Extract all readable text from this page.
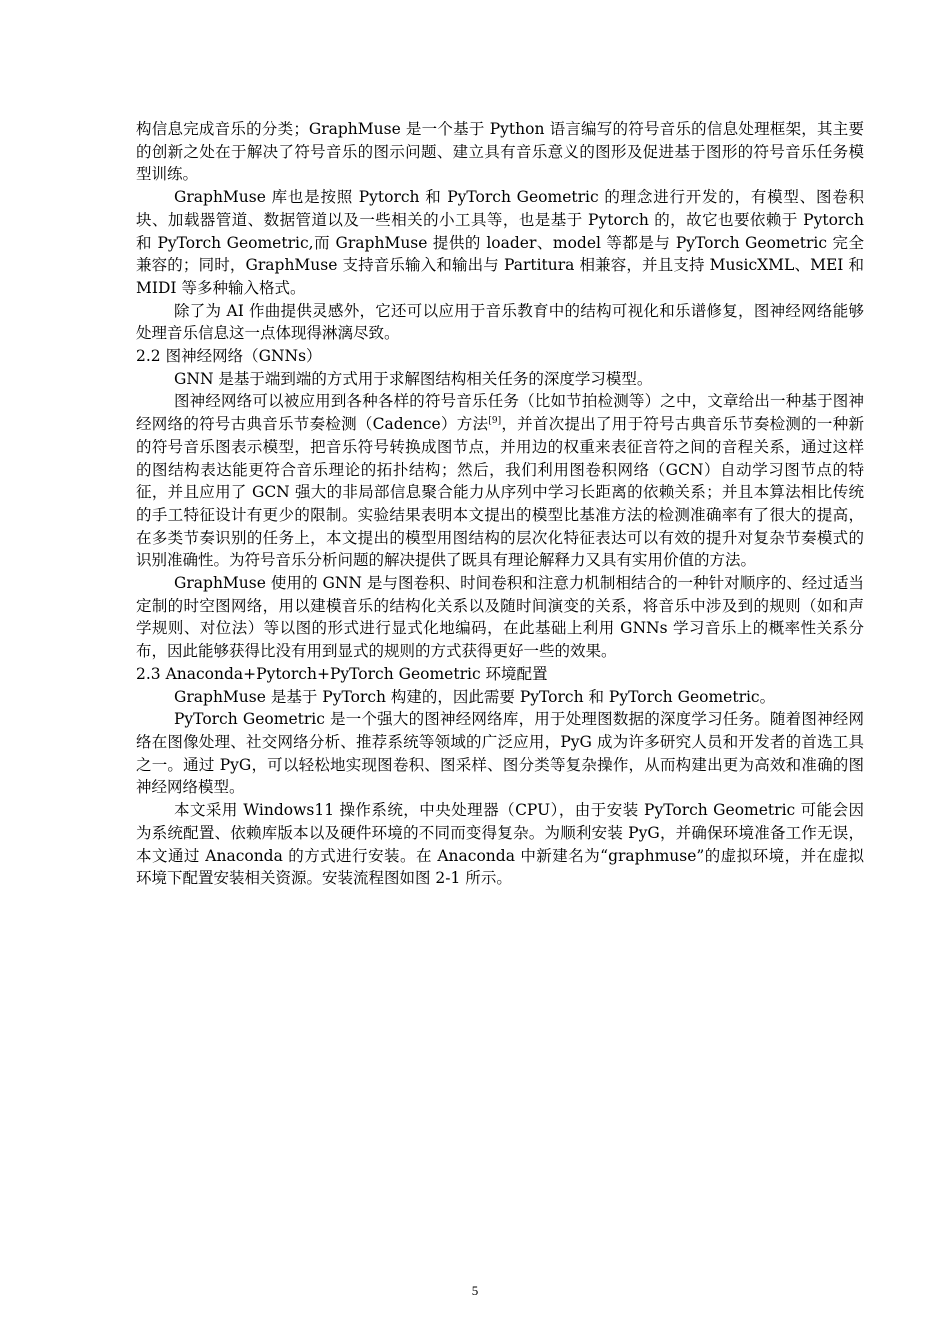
构信息完成音乐的分类；GraphMuse 是一个基于 Python 语言编写的符号音乐的信息处理框架，其主要的创新之处在于解决了符号音乐的图示问题、建立具有音乐意义的图形及促进基于图形的符号音乐任务模型训练。

GraphMuse 库也是按照 Pytorch 和 PyTorch Geometric 的理念进行开发的，有模型、图卷积块、加载器管道、数据管道以及一些相关的小工具等，也是基于 Pytorch 的，故它也要依赖于 Pytorch 和 PyTorch Geometric,而 GraphMuse 提供的 loader、model 等都是与 PyTorch Geometric 完全兼容的；同时，GraphMuse 支持音乐输入和输出与 Partitura 相兼容，并且支持 MusicXML、MEI 和 MIDI 等多种输入格式。

除了为 AI 作曲提供灵感外，它还可以应用于音乐教育中的结构可视化和乐谱修复，图神经网络能够处理音乐信息这一点体现得淋漓尽致。

2.2 图神经网络（GNNs）

GNN 是基于端到端的方式用于求解图结构相关任务的深度学习模型。

图神经网络可以被应用到各种各样的符号音乐任务（比如节拍检测等）之中，文章给出一种基于图神经网络的符号古典音乐节奏检测（Cadence）方法[9]，并首次提出了用于符号古典音乐节奏检测的一种新的符号音乐图表示模型，把音乐符号转换成图节点，并用边的权重来表征音符之间的音程关系，通过这样的图结构表达能更符合音乐理论的拓扑结构；然后，我们利用图卷积网络（GCN）自动学习图节点的特征，并且应用了 GCN 强大的非局部信息聚合能力从序列中学习长距离的依赖关系；并且本算法相比传统的手工特征设计有更少的限制。实验结果表明本文提出的模型比基准方法的检测准确率有了很大的提高，在多类节奏识别的任务上，本文提出的模型用图结构的层次化特征表达可以有效的提升对复杂节奏模式的识别准确性。为符号音乐分析问题的解决提供了既具有理论解释力又具有实用价值的方法。

GraphMuse 使用的 GNN 是与图卷积、时间卷积和注意力机制相结合的一种针对顺序的、经过适当定制的时空图网络，用以建模音乐的结构化关系以及随时间演变的关系，将音乐中涉及到的规则（如和声学规则、对位法）等以图的形式进行显式化地编码，在此基础上利用 GNNs 学习音乐上的概率性关系分布，因此能够获得比没有用到显式的规则的方式获得更好一些的效果。

2.3 Anaconda+Pytorch+PyTorch Geometric 环境配置

GraphMuse 是基于 PyTorch 构建的，因此需要 PyTorch 和 PyTorch Geometric。

PyTorch Geometric 是一个强大的图神经网络库，用于处理图数据的深度学习任务。随着图神经网络在图像处理、社交网络分析、推荐系统等领域的广泛应用，PyG 成为许多研究人员和开发者的首选工具之一。通过 PyG，可以轻松地实现图卷积、图采样、图分类等复杂操作，从而构建出更为高效和准确的图神经网络模型。

本文采用 Windows11 操作系统，中央处理器（CPU），由于安装 PyTorch Geometric 可能会因为系统配置、依赖库版本以及硬件环境的不同而变得复杂。为顺利安装 PyG，并确保环境准备工作无误，本文通过 Anaconda 的方式进行安装。在 Anaconda 中新建名为“graphmuse”的虚拟环境，并在虚拟环境下配置安装相关资源。安装流程图如图 2-1 所示。

5
